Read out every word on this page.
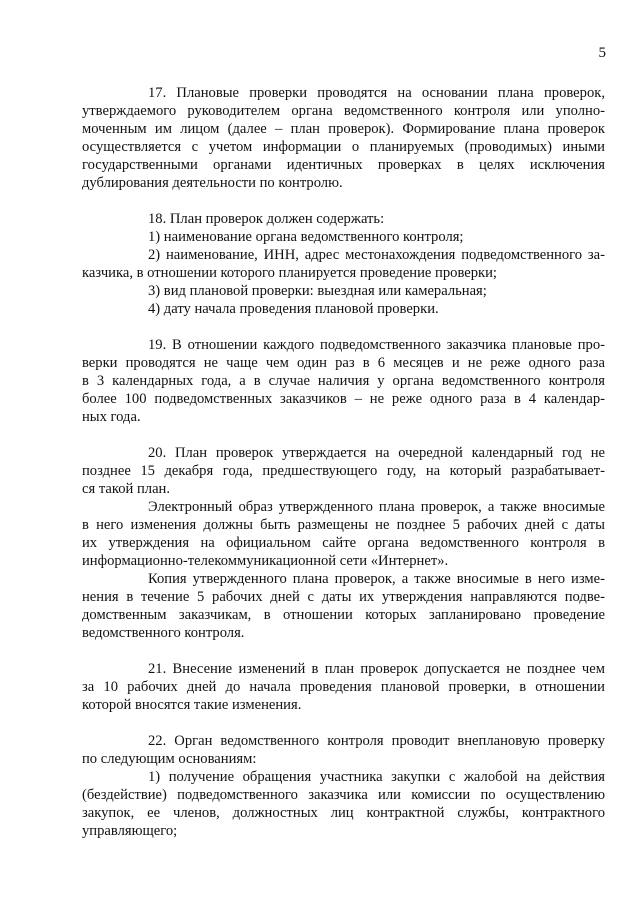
5
17. Плановые проверки проводятся на основании плана проверок,
утверждаемого руководителем органа ведомственного контроля или уполно-
моченным им лицом (далее – план проверок). Формирование плана проверок
осуществляется с учетом информации о планируемых (проводимых) иными
государственными органами идентичных проверках в целях исключения
дублирования деятельности по контролю.
18. План проверок должен содержать:
1) наименование органа ведомственного контроля;
2) наименование, ИНН, адрес местонахождения подведомственного за-
казчика, в отношении которого планируется проведение проверки;
3) вид плановой проверки: выездная или камеральная;
4) дату начала проведения плановой проверки.
19. В отношении каждого подведомственного заказчика плановые про-
верки проводятся не чаще чем один раз в 6 месяцев и не реже одного раза
в 3 календарных года, а в случае наличия у органа ведомственного контроля
более 100 подведомственных заказчиков – не реже одного раза в 4 календар-
ных года.
20. План проверок утверждается на очередной календарный год не
позднее 15 декабря года, предшествующего году, на который разрабатывает-
ся такой план.
Электронный образ утвержденного плана проверок, а также вносимые
в него изменения должны быть размещены не позднее 5 рабочих дней с даты
их утверждения на официальном сайте органа ведомственного контроля в
информационно-телекоммуникационной сети «Интернет».
Копия утвержденного плана проверок, а также вносимые в него изме-
нения в течение 5 рабочих дней с даты их утверждения направляются подве-
домственным заказчикам, в отношении которых запланировано проведение
ведомственного контроля.
21. Внесение изменений в план проверок допускается не позднее чем
за 10 рабочих дней до начала проведения плановой проверки, в отношении
которой вносятся такие изменения.
22. Орган ведомственного контроля проводит внеплановую проверку
по следующим основаниям:
1) получение обращения участника закупки с жалобой на действия
(бездействие) подведомственного заказчика или комиссии по осуществлению
закупок, ее членов, должностных лиц контрактной службы, контрактного
управляющего;
